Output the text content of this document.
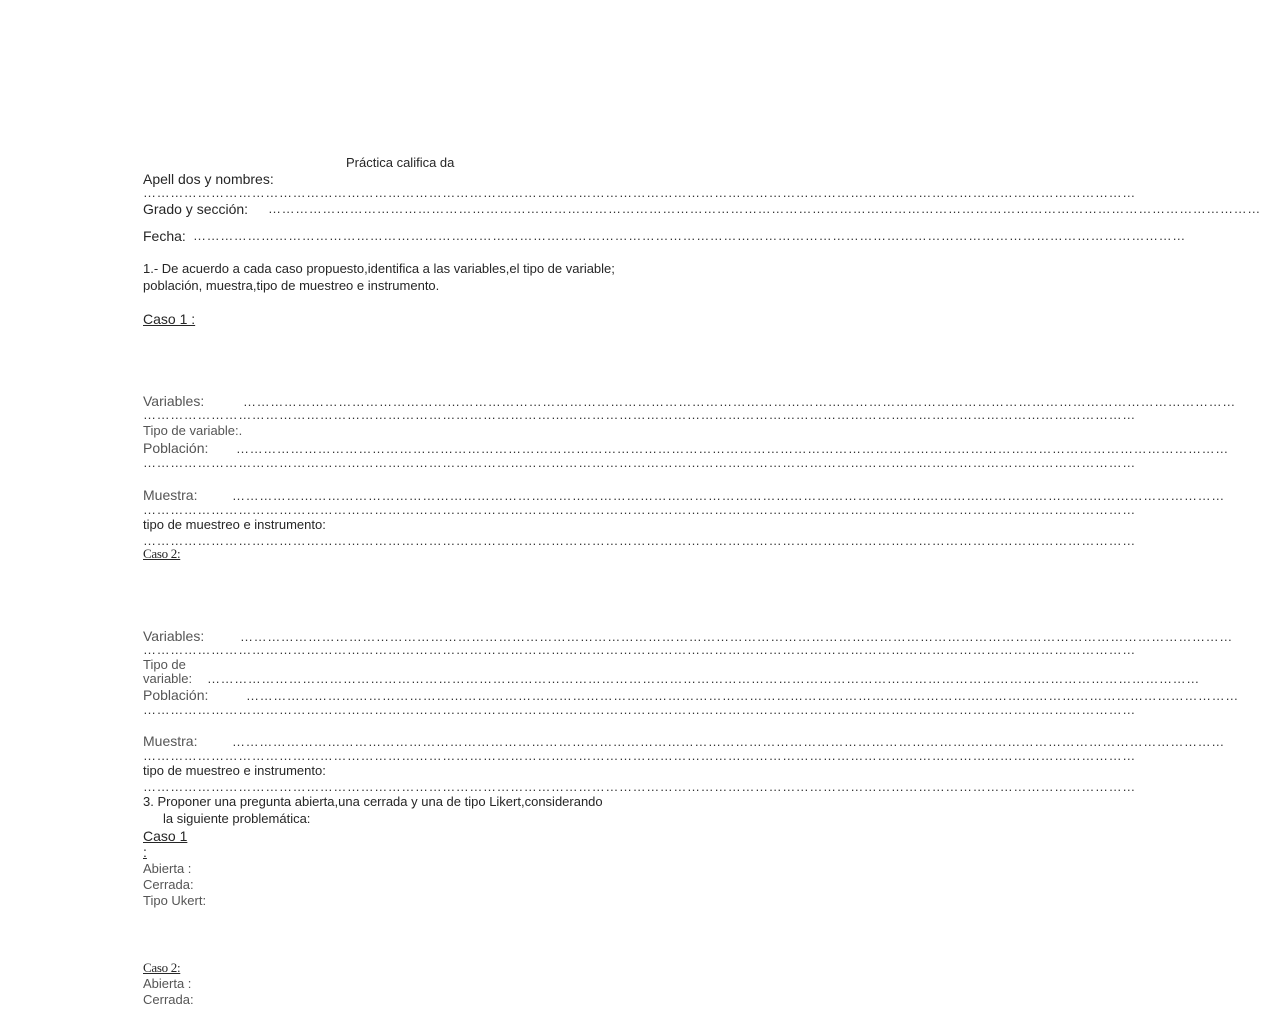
Práctica califica da
Apell dos y nombres:
…………………………………………………………………………………………………………………………………………………………………………………………………
Grado y sección: …………………………………………………………………………………………………………………………………………………………………………………………………
Fecha: …………………………………………………………………………………………………………………………………………………………………………………………………
1.- De acuerdo a cada caso propuesto,identifica a las variables,el tipo de variable;
población, muestra,tipo de muestreo e instrumento.
Caso 1 :
Variables:	…………………………………………………………………………………………………………………………………………………………………………………………………
…………………………………………………………………………………………………………………………………………………………………………………………………
Tipo de variable:.
Población: …………………………………………………………………………………………………………………………………………………………………………………………………
…………………………………………………………………………………………………………………………………………………………………………………………………
Muestra:	…………………………………………………………………………………………………………………………………………………………………………………………………
…………………………………………………………………………………………………………………………………………………………………………………………………
tipo de muestreo e instrumento:
…………………………………………………………………………………………………………………………………………………………………………………………………
Caso 2:
Variables:	…………………………………………………………………………………………………………………………………………………………………………………………………
…………………………………………………………………………………………………………………………………………………………………………………………………
Tipo de
variable: …………………………………………………………………………………………………………………………………………………………………………………………………
Población:	…………………………………………………………………………………………………………………………………………………………………………………………………
…………………………………………………………………………………………………………………………………………………………………………………………………
Muestra:	…………………………………………………………………………………………………………………………………………………………………………………………………
…………………………………………………………………………………………………………………………………………………………………………………………………
tipo de muestreo e instrumento:
…………………………………………………………………………………………………………………………………………………………………………………………………
3. Proponer una pregunta abierta,una cerrada y una de tipo Likert,considerando
la siguiente problemática:
Caso 1
:
Abierta :
Cerrada:
Tipo Ukert:
Caso 2:
Abierta :
Cerrada:
